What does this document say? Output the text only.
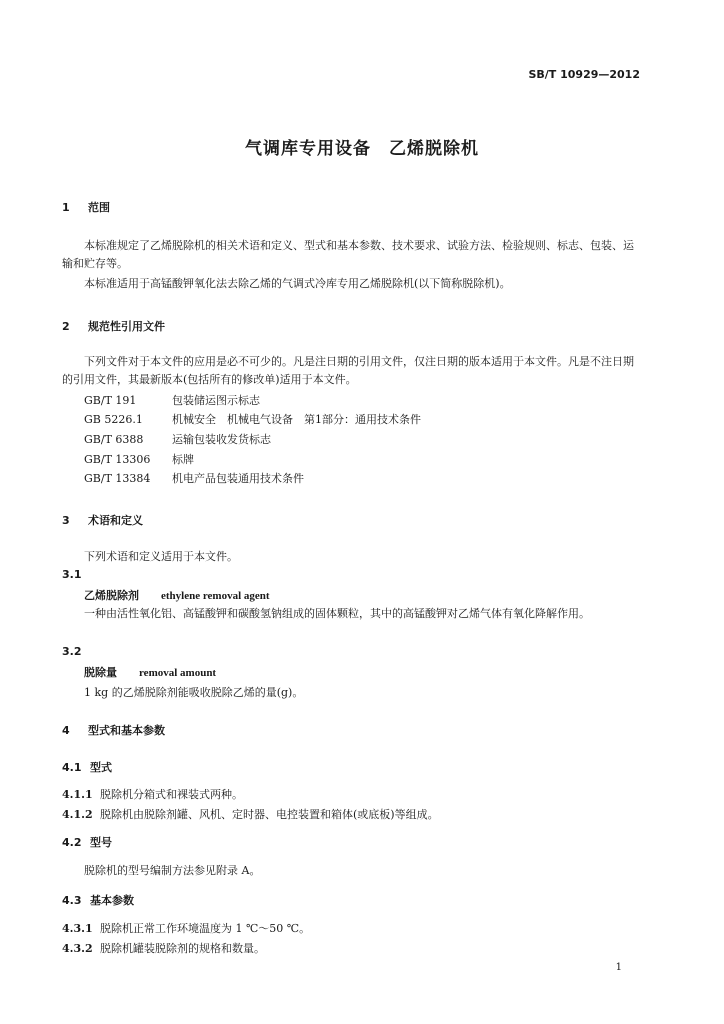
SB/T 10929—2012
气调库专用设备　乙烯脱除机
1 范围
本标准规定了乙烯脱除机的相关术语和定义、型式和基本参数、技术要求、试验方法、检验规则、标志、包装、运输和贮存等。
本标准适用于高锰酸钾氧化法去除乙烯的气调式冷库专用乙烯脱除机(以下简称脱除机)。
2 规范性引用文件
下列文件对于本文件的应用是必不可少的。凡是注日期的引用文件，仅注日期的版本适用于本文件。凡是不注日期的引用文件，其最新版本(包括所有的修改单)适用于本文件。
GB/T 191	包装储运图示标志
GB 5226.1	机械安全　机械电气设备　第1部分：通用技术条件
GB/T 6388	运输包装收发货标志
GB/T 13306 标牌
GB/T 13384 机电产品包装通用技术条件
3 术语和定义
下列术语和定义适用于本文件。
3.1
乙烯脱除剂 ethylene removal agent
一种由活性氧化铝、高锰酸钾和碳酸氢钠组成的固体颗粒，其中的高锰酸钾对乙烯气体有氧化降解作用。
3.2
脱除量 removal amount
1 kg 的乙烯脱除剂能吸收脱除乙烯的量(g)。
4 型式和基本参数
4.1 型式
4.1.1 脱除机分箱式和裸装式两种。
4.1.2 脱除机由脱除剂罐、风机、定时器、电控装置和箱体(或底板)等组成。
4.2 型号
脱除机的型号编制方法参见附录 A。
4.3 基本参数
4.3.1 脱除机正常工作环境温度为 1 ℃～50 ℃。
4.3.2 脱除机罐装脱除剂的规格和数量。
1
